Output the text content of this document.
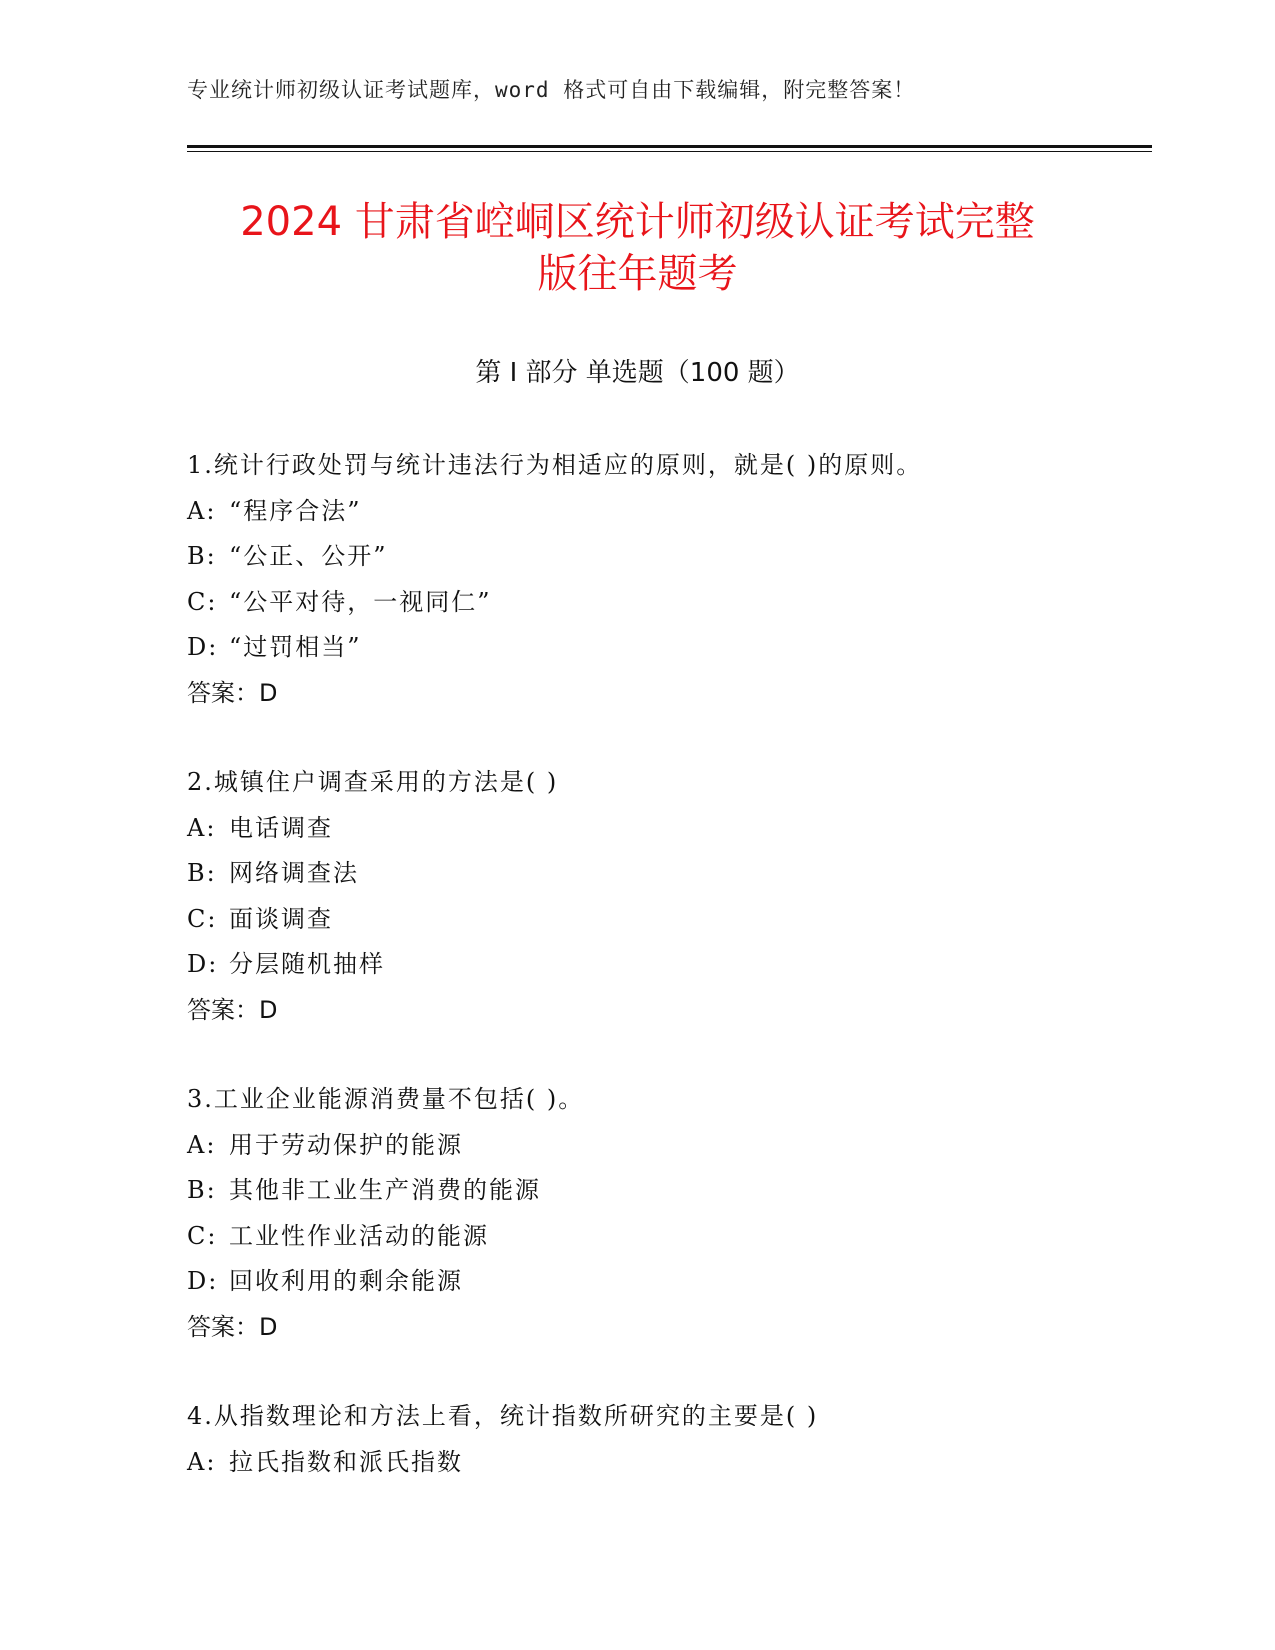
专业统计师初级认证考试题库，word 格式可自由下载编辑，附完整答案！
2024 甘肃省崆峒区统计师初级认证考试完整
版往年题考
第 I 部分 单选题（100 题）
1.统计行政处罚与统计违法行为相适应的原则，就是( )的原则。
A: “程序合法”
B: “公正、公开”
C: “公平对待，一视同仁”
D: “过罚相当”
答案：D
2.城镇住户调查采用的方法是( )
A: 电话调查
B: 网络调查法
C: 面谈调查
D: 分层随机抽样
答案：D
3.工业企业能源消费量不包括( )。
A: 用于劳动保护的能源
B: 其他非工业生产消费的能源
C: 工业性作业活动的能源
D: 回收利用的剩余能源
答案：D
4.从指数理论和方法上看，统计指数所研究的主要是( )
A: 拉氏指数和派氏指数
